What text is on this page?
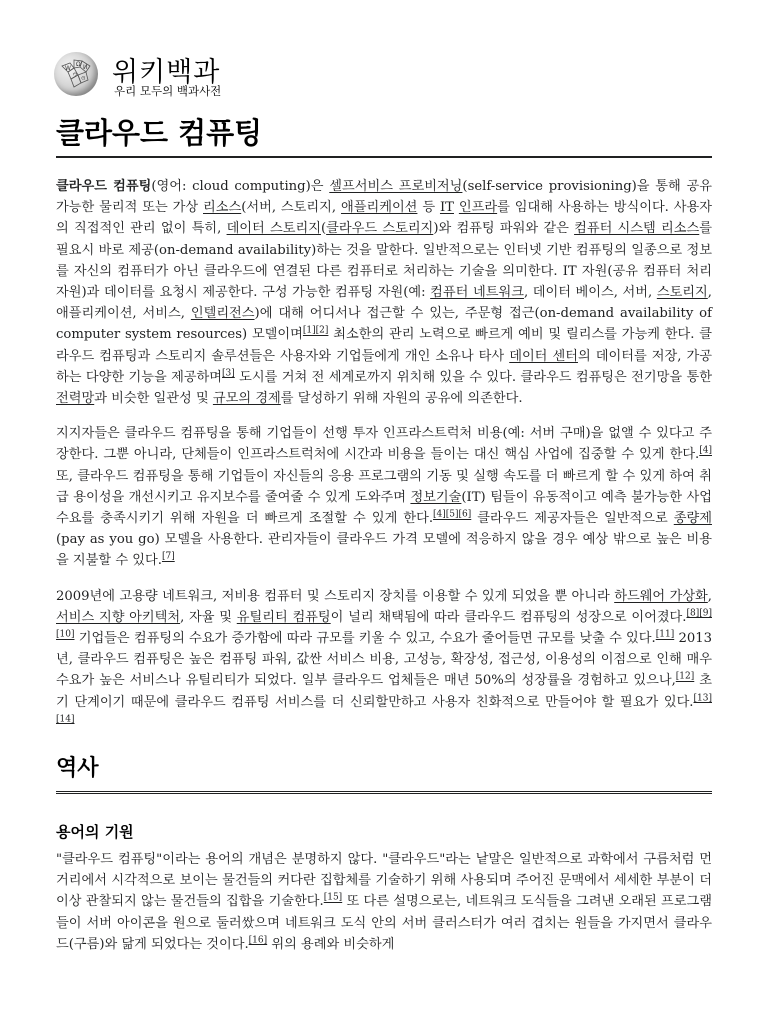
W
Ω И
ウ ও 위키백과
우리 모두의 백과사전
클라우드 컴퓨팅

클라우드 컴퓨팅(영어: cloud computing)은 셀프서비스 프로비저닝(self-service provisioning)을 통해 공유 가능한 물리적 또는 가상 리소스(서버, 스토리지, 애플리케이션 등 IT 인프라를 임대해 사용하는 방식이다. 사용자의 직접적인 관리 없이 특히, 데이터 스토리지(클라우드 스토리지)와 컴퓨팅 파워와 같은 컴퓨터 시스템 리소스를 필요시 바로 제공(on-demand availability)하는 것을 말한다. 일반적으로는 인터넷 기반 컴퓨팅의 일종으로 정보를 자신의 컴퓨터가 아닌 클라우드에 연결된 다른 컴퓨터로 처리하는 기술을 의미한다. IT 자원(공유 컴퓨터 처리 자원)과 데이터를 요청시 제공한다. 구성 가능한 컴퓨팅 자원(예: 컴퓨터 네트워크, 데이터 베이스, 서버, 스토리지, 애플리케이션, 서비스, 인텔리전스)에 대해 어디서나 접근할 수 있는, 주문형 접근(on-demand availability of computer system resources) 모델이며[1][2] 최소한의 관리 노력으로 빠르게 예비 및 릴리스를 가능케 한다. 클라우드 컴퓨팅과 스토리지 솔루션들은 사용자와 기업들에게 개인 소유나 타사 데이터 센터의 데이터를 저장, 가공하는 다양한 기능을 제공하며[3] 도시를 거쳐 전 세계로까지 위치해 있을 수 있다. 클라우드 컴퓨팅은 전기망을 통한 전력망과 비슷한 일관성 및 규모의 경제를 달성하기 위해 자원의 공유에 의존한다.

지지자들은 클라우드 컴퓨팅을 통해 기업들이 선행 투자 인프라스트럭처 비용(예: 서버 구매)을 없앨 수 있다고 주장한다. 그뿐 아니라, 단체들이 인프라스트럭처에 시간과 비용을 들이는 대신 핵심 사업에 집중할 수 있게 한다.[4] 또, 클라우드 컴퓨팅을 통해 기업들이 자신들의 응용 프로그램의 기동 및 실행 속도를 더 빠르게 할 수 있게 하여 취급 용이성을 개선시키고 유지보수를 줄여줄 수 있게 도와주며 정보기술(IT) 팀들이 유동적이고 예측 불가능한 사업 수요를 충족시키기 위해 자원을 더 빠르게 조절할 수 있게 한다.[4][5][6] 클라우드 제공자들은 일반적으로 종량제(pay as you go) 모델을 사용한다. 관리자들이 클라우드 가격 모델에 적응하지 않을 경우 예상 밖으로 높은 비용을 지불할 수 있다.[7]

2009년에 고용량 네트워크, 저비용 컴퓨터 및 스토리지 장치를 이용할 수 있게 되었을 뿐 아니라 하드웨어 가상화, 서비스 지향 아키텍처, 자율 및 유틸리티 컴퓨팅이 널리 채택됨에 따라 클라우드 컴퓨팅의 성장으로 이어졌다.[8][9][10] 기업들은 컴퓨팅의 수요가 증가함에 따라 규모를 키울 수 있고, 수요가 줄어들면 규모를 낮출 수 있다.[11] 2013년, 클라우드 컴퓨팅은 높은 컴퓨팅 파워, 값싼 서비스 비용, 고성능, 확장성, 접근성, 이용성의 이점으로 인해 매우 수요가 높은 서비스나 유틸리티가 되었다. 일부 클라우드 업체들은 매년 50%의 성장률을 경험하고 있으나,[12] 초기 단계이기 때문에 클라우드 컴퓨팅 서비스를 더 신뢰할만하고 사용자 친화적으로 만들어야 할 필요가 있다.[13][14]

역사
용어의 기원

"클라우드 컴퓨팅"이라는 용어의 개념은 분명하지 않다. "클라우드"라는 낱말은 일반적으로 과학에서 구름처럼 먼 거리에서 시각적으로 보이는 물건들의 커다란 집합체를 기술하기 위해 사용되며 주어진 문맥에서 세세한 부분이 더 이상 관찰되지 않는 물건들의 집합을 기술한다.[15] 또 다른 설명으로는, 네트워크 도식들을 그려낸 오래된 프로그램들이 서버 아이콘을 원으로 둘러쌌으며 네트워크 도식 안의 서버 클러스터가 여러 겹치는 원들을 가지면서 클라우드(구름)와 닮게 되었다는 것이다.[16] 위의 용례와 비슷하게
